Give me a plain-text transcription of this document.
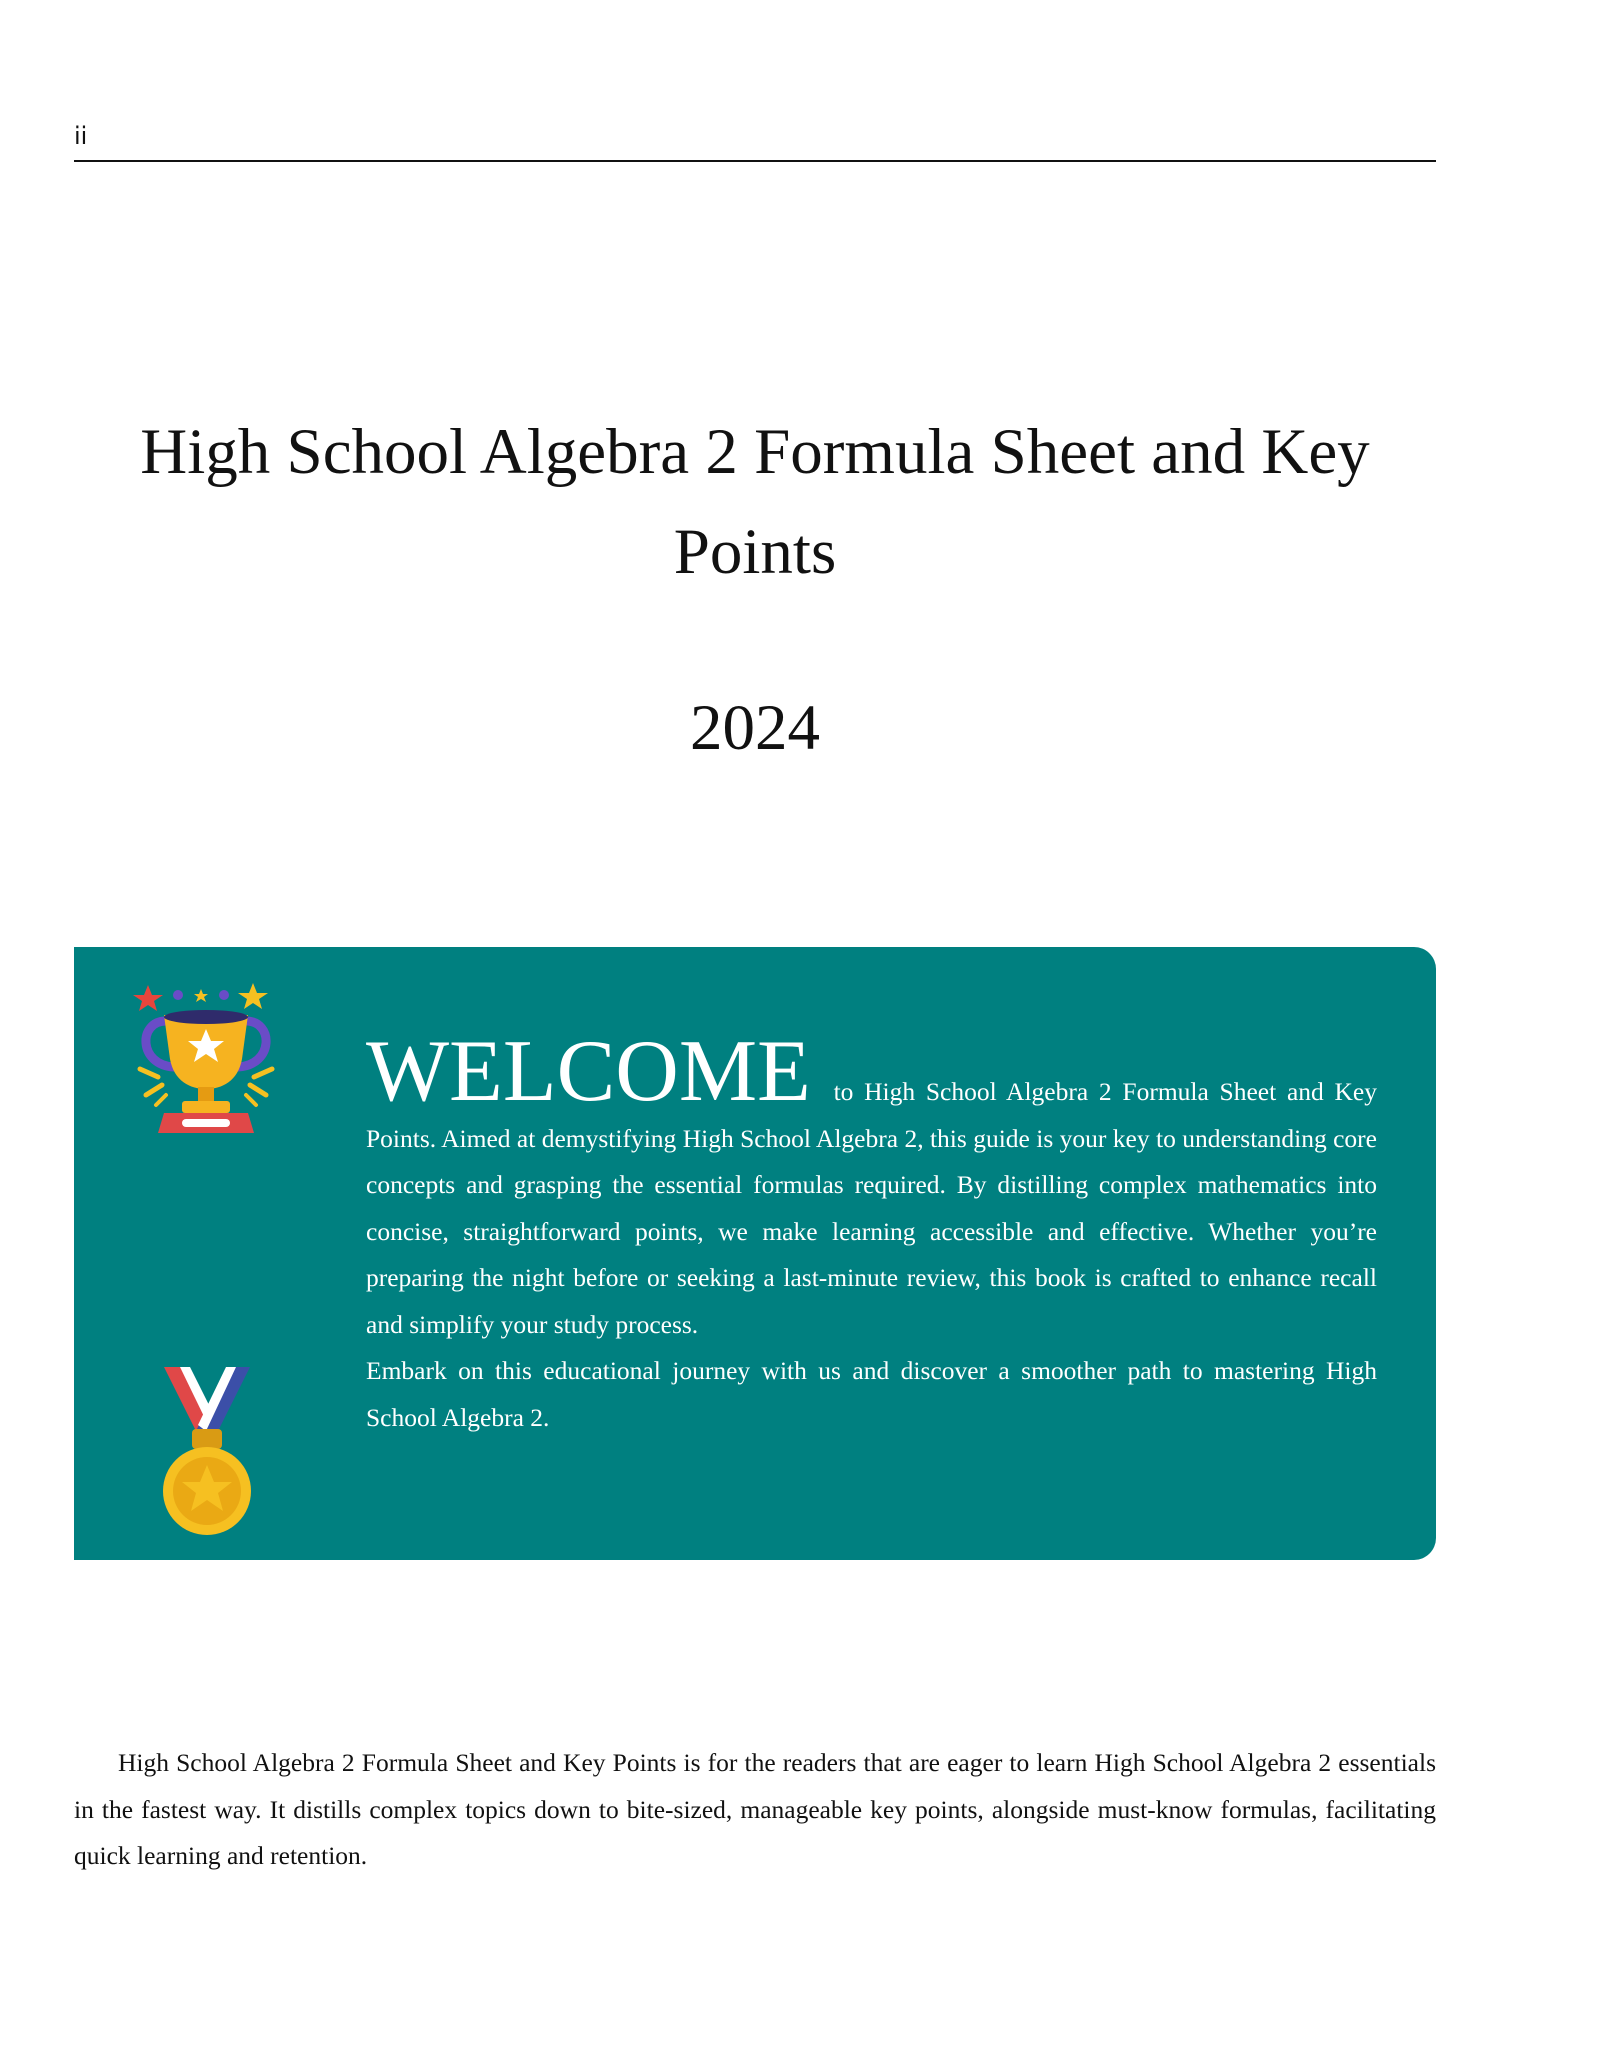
ii
High School Algebra 2 Formula Sheet and Key Points
2024

WELCOME to High School Algebra 2 Formula Sheet and Key Points. Aimed at demystifying High School Algebra 2, this guide is your key to understanding core concepts and grasping the essential formulas required. By distilling complex mathematics into concise, straightforward points, we make learning accessible and effective. Whether you’re preparing the night before or seeking a last-minute review, this book is crafted to enhance recall and simplify your study process.
Embark on this educational journey with us and discover a smoother path to mastering High School Algebra 2.

High School Algebra 2 Formula Sheet and Key Points is for the readers that are eager to learn High School Algebra 2 essentials in the fastest way. It distills complex topics down to bite-sized, manageable key points, alongside must-know formulas, facilitating quick learning and retention.
